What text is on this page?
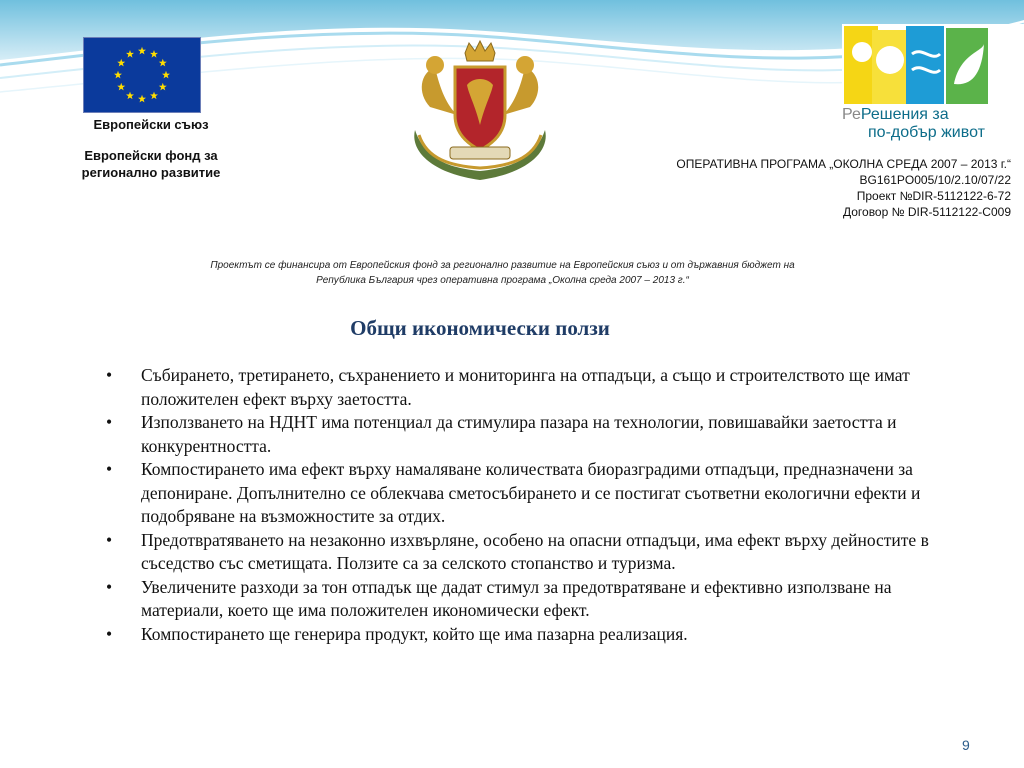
Европейски съюз
Европейски фонд за регионално развитие
РеРешения за
по-добър живот
ОПЕРАТИВНА ПРОГРАМА „ОКОЛНА СРЕДА 2007 – 2013 г.“
BG161PO005/10/2.10/07/22
Проект №DIR-5112122-6-72
Договор № DIR-5112122-С009
Проектът се финансира от Европейския фонд за регионално развитие на Европейския съюз и от държавния бюджет на
Република България чрез оперативна програма „Околна среда 2007 – 2013 г.“
Общи икономически ползи
• Събирането, третирането, съхранението и мониторинга на отпадъци, а също и строителството ще имат положителен ефект върху заетостта.
• Използването на НДНТ има потенциал да стимулира пазара на технологии, повишавайки заетостта и конкурентността.
• Компостирането има ефект върху намаляване количествата биоразградими отпадъци, предназначени за депониране. Допълнително се облекчава сметосъбирането и се постигат съответни екологични ефекти и подобряване на възможностите за отдих.
• Предотвратяването на незаконно изхвърляне, особено на опасни отпадъци, има ефект върху дейностите в съседство със сметищата. Ползите са за селското стопанство и туризма.
• Увеличените разходи за тон отпадък ще дадат стимул за предотвратяване и ефективно използване на материали, което ще има положителен икономически ефект.
• Компостирането ще генерира продукт, който ще има пазарна реализация.
9
